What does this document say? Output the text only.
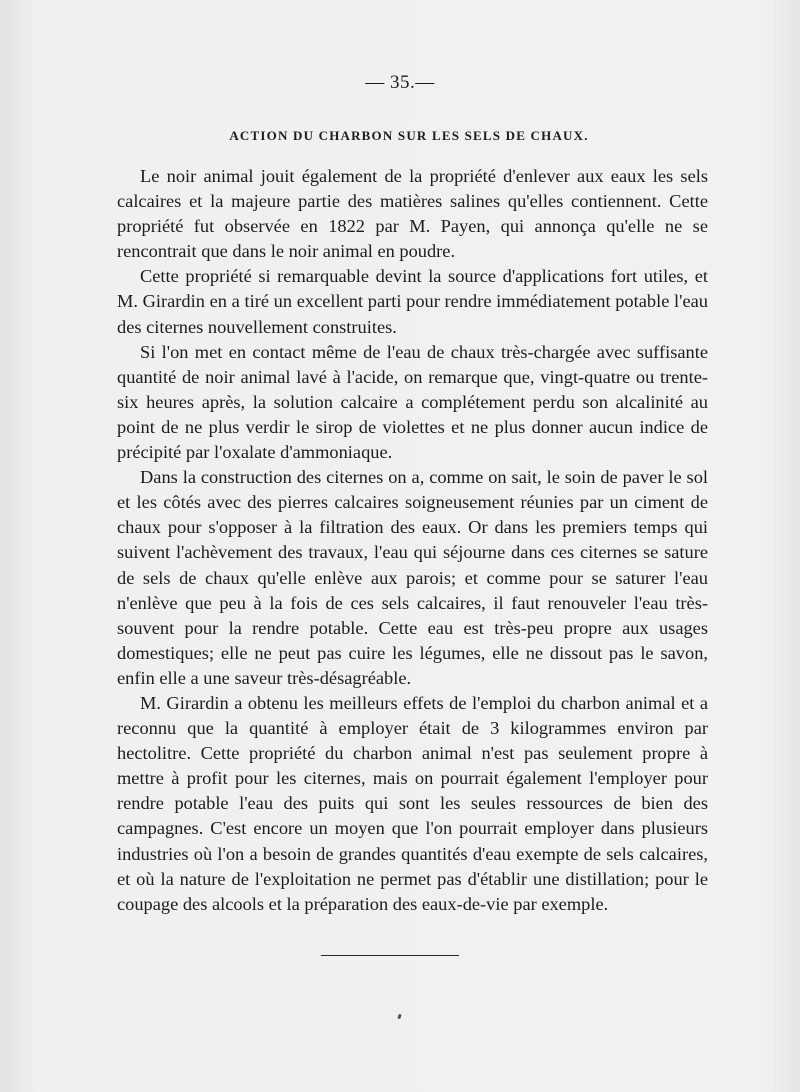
— 35.—
ACTION DU CHARBON SUR LES SELS DE CHAUX.

Le noir animal jouit également de la propriété d'enlever aux eaux les sels calcaires et la majeure partie des matières salines qu'elles contiennent. Cette propriété fut observée en 1822 par M. Payen, qui annonça qu'elle ne se rencontrait que dans le noir animal en poudre.

Cette propriété si remarquable devint la source d'applications fort utiles, et M. Girardin en a tiré un excellent parti pour rendre immédiatement potable l'eau des citernes nouvellement construites.

Si l'on met en contact même de l'eau de chaux très-chargée avec suffisante quantité de noir animal lavé à l'acide, on remarque que, vingt-quatre ou trente-six heures après, la solution calcaire a complétement perdu son alcalinité au point de ne plus verdir le sirop de violettes et ne plus donner aucun indice de précipité par l'oxalate d'ammoniaque.

Dans la construction des citernes on a, comme on sait, le soin de paver le sol et les côtés avec des pierres calcaires soigneusement réunies par un ciment de chaux pour s'opposer à la filtration des eaux. Or dans les premiers temps qui suivent l'achèvement des travaux, l'eau qui séjourne dans ces citernes se sature de sels de chaux qu'elle enlève aux parois; et comme pour se saturer l'eau n'enlève que peu à la fois de ces sels calcaires, il faut renouveler l'eau très-souvent pour la rendre potable. Cette eau est très-peu propre aux usages domestiques; elle ne peut pas cuire les légumes, elle ne dissout pas le savon, enfin elle a une saveur très-désagréable.

M. Girardin a obtenu les meilleurs effets de l'emploi du charbon animal et a reconnu que la quantité à employer était de 3 kilogrammes environ par hectolitre. Cette propriété du charbon animal n'est pas seulement propre à mettre à profit pour les citernes, mais on pourrait également l'employer pour rendre potable l'eau des puits qui sont les seules ressources de bien des campagnes. C'est encore un moyen que l'on pourrait employer dans plusieurs industries où l'on a besoin de grandes quantités d'eau exempte de sels calcaires, et où la nature de l'exploitation ne permet pas d'établir une distillation; pour le coupage des alcools et la préparation des eaux-de-vie par exemple.
